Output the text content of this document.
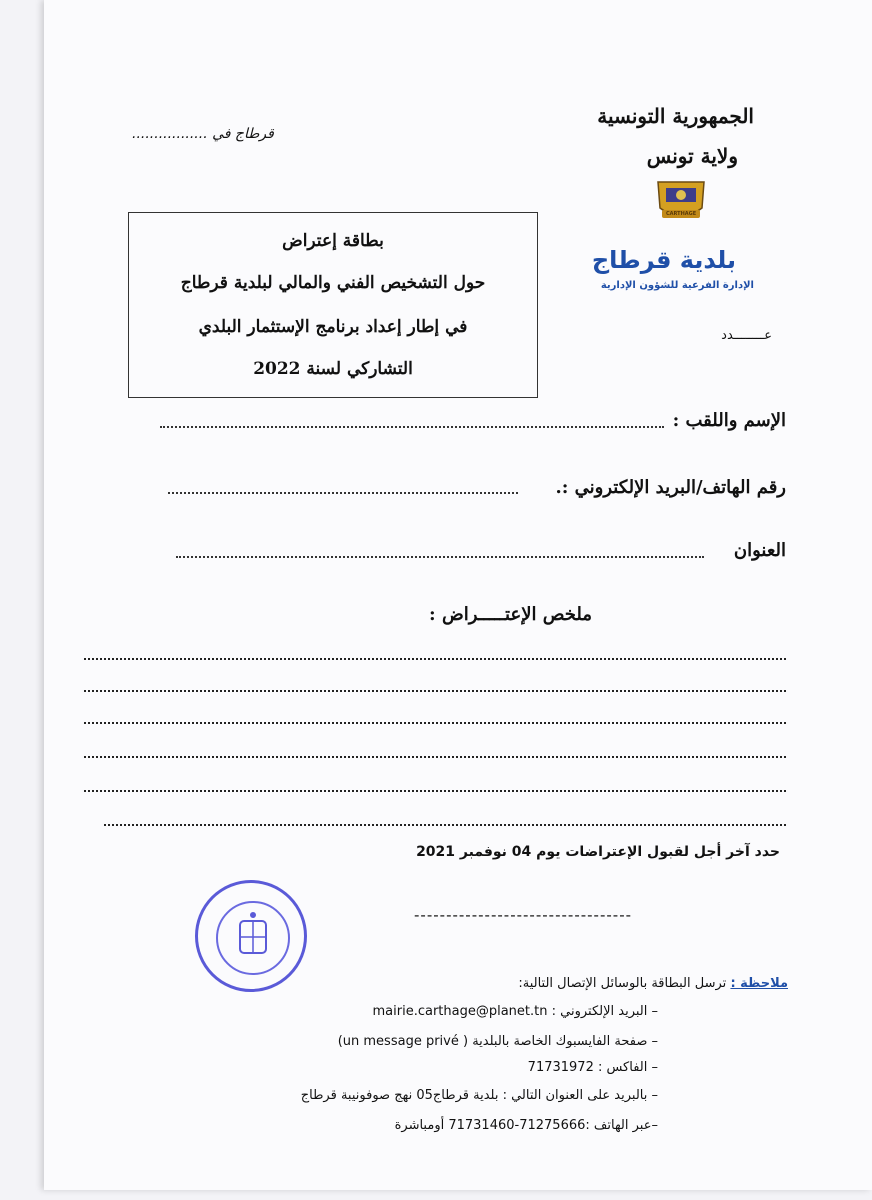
الجمهورية التونسية
ولاية تونس
CARTHAGE
بلدية قرطاج
الإدارة الفرعية للشؤون الإدارية
عــــــــدد
قرطاج في .................
بطاقة إعتراض
حول التشخيص الفني والمالي لبلدية قرطاج
في إطار إعداد برنامج الإستثمار البلدي
التشاركي لسنة 2022
الإسم واللقب :
رقم الهاتف/البريد الإلكتروني :.
العنوان
ملخص الإعتـــــراض :
حدد آخر أجل لقبول الإعتراضات يوم 04 نوفمبر 2021
----------------------------------
ملاحظة : ترسل البطاقة بالوسائل الإتصال التالية:
– البريد الإلكتروني : mairie.carthage@planet.tn
– صفحة الفايسبوك الخاصة بالبلدية ( un message privé)
– الفاكس : 71731972
– بالبريد على العنوان التالي : بلدية قرطاج05 نهج صوفونيبة قرطاج
–عبر الهاتف :71275666-71731460 أومباشرة
